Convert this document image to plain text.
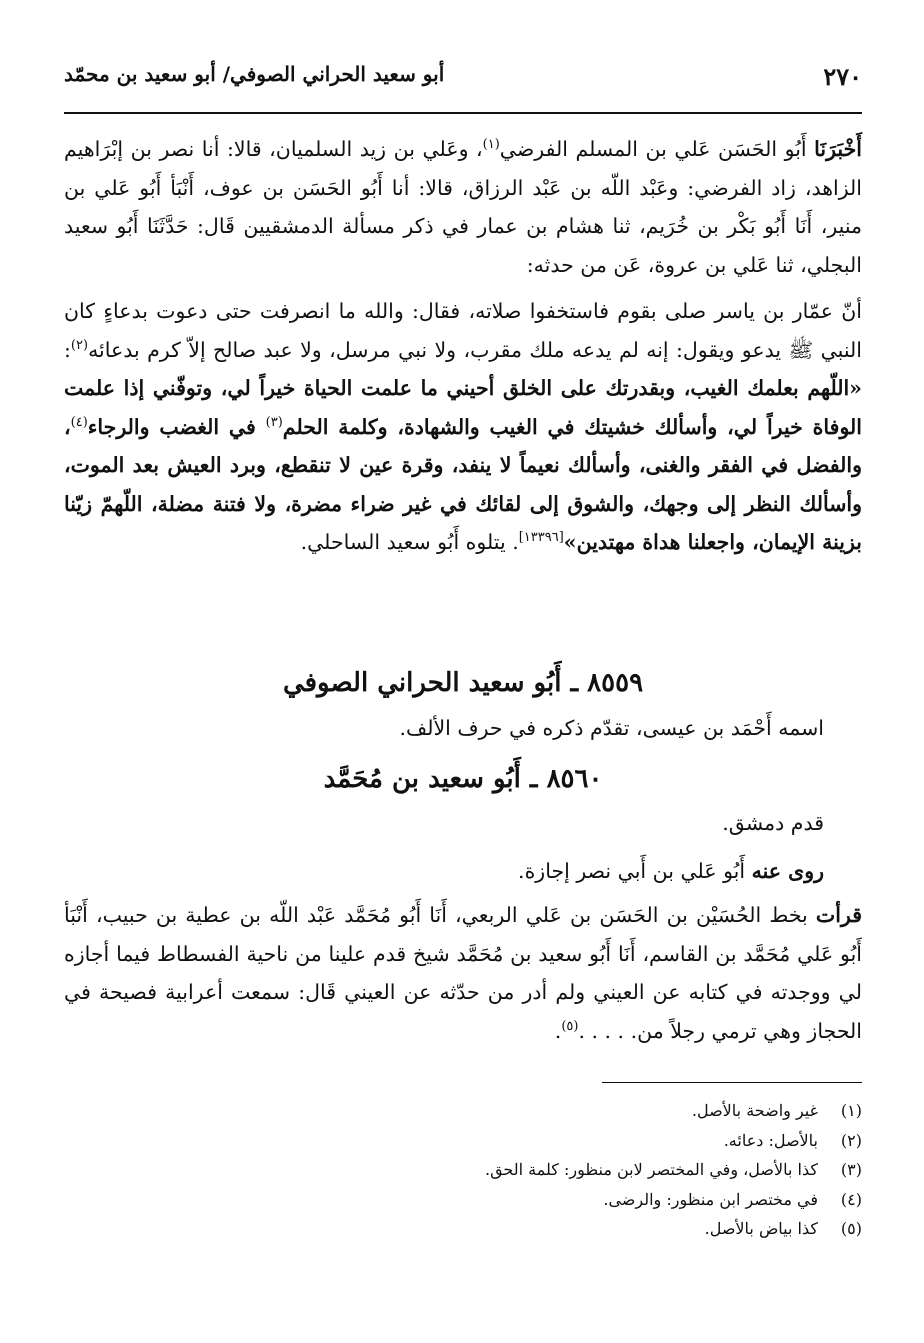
٢٧٠
أبو سعيد الحراني الصوفي/ أبو سعيد بن محمّد

أَخْبَرَنَا أَبُو الحَسَن عَلي بن المسلم الفرضي$^{(١)}$، وعَلي بن زيد السلميان، قالا: أنا نصر بن إبْرَاهيم الزاهد، زاد الفرضي: وعَبْد اللّه بن عَبْد الرزاق، قالا: أنا أَبُو الحَسَن بن عوف، أَنْبَأ أَبُو عَلي بن منير، أَنَا أَبُو بَكْر بن خُرَيم، ثنا هشام بن عمار في ذكر مسألة الدمشقيين قَال: حَدَّثَنَا أَبُو سعيد البجلي، ثنا عَلي بن عروة، عَن من حدثه:

أنّ عمّار بن ياسر صلى بقوم فاستخفوا صلاته، فقال: والله ما انصرفت حتى دعوت بدعاءٍ كان النبي ﷺ يدعو ويقول: إنه لم يدعه ملك مقرب، ولا نبي مرسل، ولا عبد صالح إلاّ كرم بدعائه$^{(٢)}$: «اللّهم بعلمك الغيب، وبقدرتك على الخلق أحيني ما علمت الحياة خيراً لي، وتوفّني إذا علمت الوفاة خيراً لي، وأسألك خشيتك في الغيب والشهادة، وكلمة الحلم$^{(٣)}$ في الغضب والرجاء$^{(٤)}$، والفضل في الفقر والغنى، وأسألك نعيماً لا ينفد، وقرة عين لا تنقطع، وبرد العيش بعد الموت، وأسألك النظر إلى وجهك، والشوق إلى لقائك في غير ضراء مضرة، ولا فتنة مضلة، اللّهمّ زيّنا بزينة الإيمان، واجعلنا هداة مهتدين»[١٣٣٩٦]. يتلوه أَبُو سعيد الساحلي.

٨٥٥٩ ـ أَبُو سعيد الحراني الصوفي
اسمه أَحْمَد بن عيسى، تقدّم ذكره في حرف الألف.
٨٥٦٠ ـ أَبُو سعيد بن مُحَمَّد
قدم دمشق.
روى عنه أَبُو عَلي بن أَبي نصر إجازة.

قرأت بخط الحُسَيْن بن الحَسَن بن عَلي الربعي، أَنَا أَبُو مُحَمَّد عَبْد اللّه بن عطية بن حبيب، أَنْبَأ أَبُو عَلي مُحَمَّد بن القاسم، أَنَا أَبُو سعيد بن مُحَمَّد شيخ قدم علينا من ناحية الفسطاط فيما أجازه لي ووجدته في كتابه عن العيني ولم أدر من حدّثه عن العيني قَال: سمعت أعرابية فصيحة في الحجاز وهي ترمي رجلاً من. . . . .$^{(٥)}$.

(١)
غير واضحة بالأصل.
(٢)
بالأصل: دعائه.
(٣)
كذا بالأصل، وفي المختصر لابن منظور: كلمة الحق.
(٤)
في مختصر ابن منظور: والرضى.
(٥)
كذا بياض بالأصل.
